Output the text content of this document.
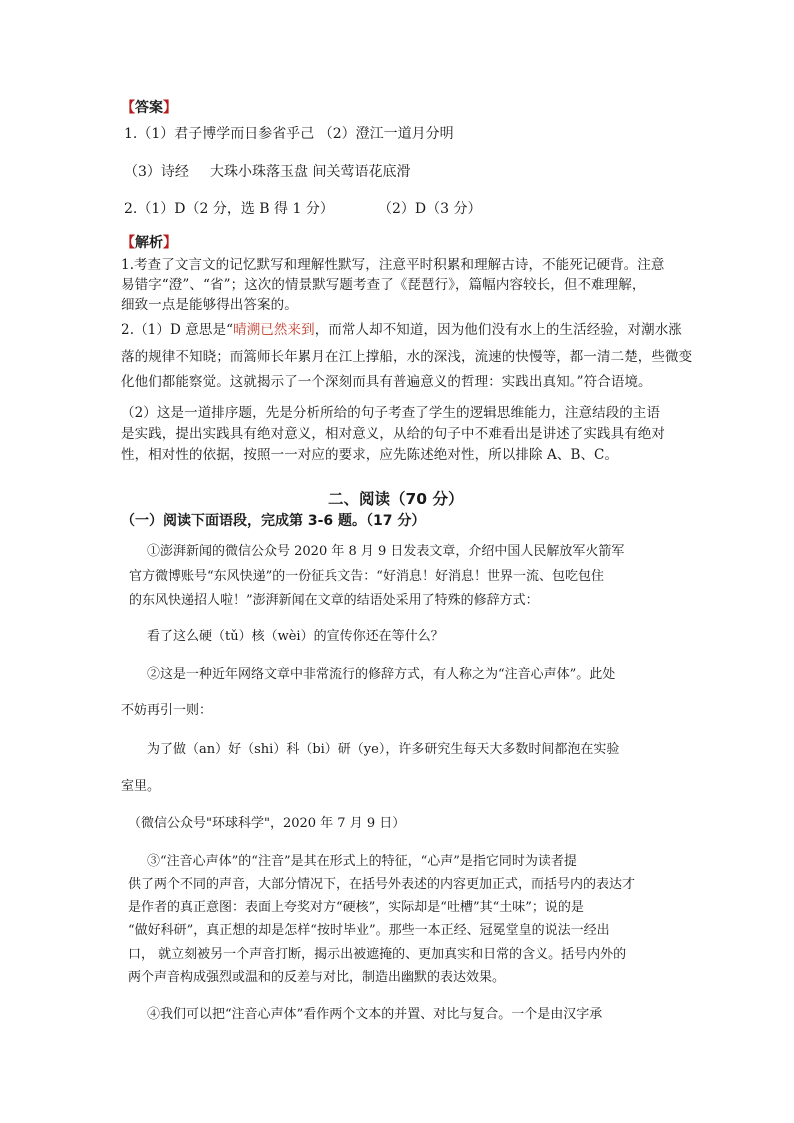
【答案】
1.（1）君子博学而日参省乎己 （2）澄江一道月分明
（3）诗经 大珠小珠落玉盘 间关莺语花底滑
2.（1）D（2 分，选 B 得 1 分）	（2）D（3 分）
【解析】
1.考查了文言文的记忆默写和理解性默写，注意平时积累和理解古诗，不能死记硬背。注意
易错字“澄”、“省”；这次的情景默写题考查了《琵琶行》，篇幅内容较长，但不难理解，
细致一点是能够得出答案的。
2.（1）D 意思是“晴溯已然来到，而常人却不知道，因为他们没有水上的生活经验，对潮水涨
落的规律不知晓；而篙师长年累月在江上撑船，水的深浅，流速的快慢等，都一清二楚，些微变
化他们都能察觉。这就揭示了一个深刻而具有普遍意义的哲理：实践出真知。”符合语境。
（2）这是一道排序题，先是分析所给的句子考查了学生的逻辑思维能力，注意结段的主语
是实践，提出实践具有绝对意义，相对意义，从给的句子中不难看出是讲述了实践具有绝对
性，相对性的依据，按照一一对应的要求，应先陈述绝对性，所以排除 A、B、C。
二、阅读（70 分）
（一）阅读下面语段，完成第 3-6 题。（17 分）
①澎湃新闻的微信公众号 2020 年 8 月 9 日发表文章，介绍中国人民解放军火箭军
官方微博账号“东风快递”的一份征兵文告：“好消息！好消息！世界一流、包吃包住
的东风快递招人啦！”澎湃新闻在文章的结语处采用了特殊的修辞方式：
看了这么硬（tǔ）核（wèi）的宣传你还在等什么？
②这是一种近年网络文章中非常流行的修辞方式，有人称之为“注音心声体”。此处
不妨再引一则：
为了做（an）好（shi）科（bi）研（ye），许多研究生每天大多数时间都泡在实验
室里。
（微信公众号"环球科学"，2020 年 7 月 9 日）
③“注音心声体”的“注音”是其在形式上的特征，“心声”是指它同时为读者提
供了两个不同的声音，大部分情况下，在括号外表述的内容更加正式，而括号内的表达才
是作者的真正意图：表面上夸奖对方“硬核”，实际却是“吐槽”其“土味”；说的是
“做好科研”，真正想的却是怎样“按时毕业”。那些一本正经、冠冕堂皇的说法一经出
口， 就立刻被另一个声音打断，揭示出被遮掩的、更加真实和日常的含义。括号内外的
两个声音构成强烈或温和的反差与对比，制造出幽默的表达效果。
④我们可以把“注音心声体”看作两个文本的并置、对比与复合。一个是由汉字承
